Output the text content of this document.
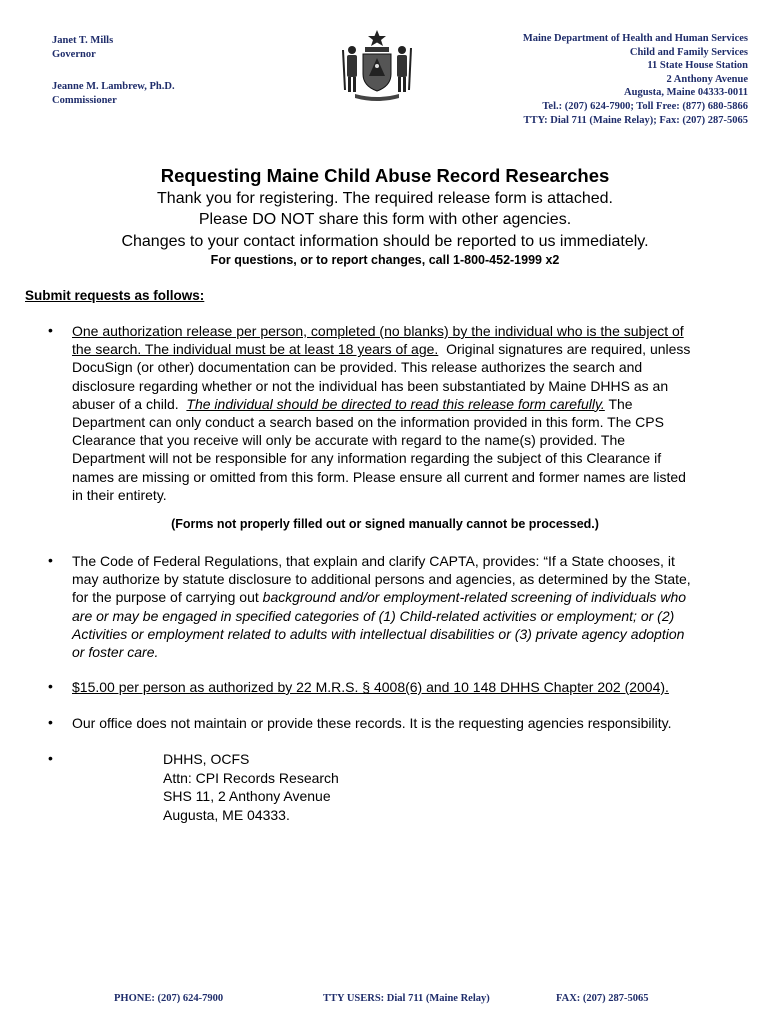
Janet T. Mills
Governor
Jeanne M. Lambrew, Ph.D.
Commissioner
Maine Department of Health and Human Services
Child and Family Services
11 State House Station
2 Anthony Avenue
Augusta, Maine 04333-0011
Tel.: (207) 624-7900; Toll Free: (877) 680-5866
TTY: Dial 711 (Maine Relay); Fax: (207) 287-5065
Requesting Maine Child Abuse Record Researches
Thank you for registering. The required release form is attached.
Please DO NOT share this form with other agencies.
Changes to your contact information should be reported to us immediately.
For questions, or to report changes, call 1-800-452-1999 x2
Submit requests as follows:
• One authorization release per person, completed (no blanks) by the individual who is the subject of
the search. The individual must be at least 18 years of age.  Original signatures are required, unless
DocuSign (or other) documentation can be provided. This release authorizes the search and
disclosure regarding whether or not the individual has been substantiated by Maine DHHS as an
abuser of a child.  The individual should be directed to read this release form carefully. The
Department can only conduct a search based on the information provided in this form. The CPS
Clearance that you receive will only be accurate with regard to the name(s) provided. The
Department will not be responsible for any information regarding the subject of this Clearance if
names are missing or omitted from this form. Please ensure all current and former names are listed
in their entirety.
(Forms not properly filled out or signed manually cannot be processed.)
• The Code of Federal Regulations, that explain and clarify CAPTA, provides: “If a State chooses, it
may authorize by statute disclosure to additional persons and agencies, as determined by the State,
for the purpose of carrying out background and/or employment-related screening of individuals who
are or may be engaged in specified categories of (1) Child-related activities or employment; or (2)
Activities or employment related to adults with intellectual disabilities or (3) private agency adoption
or foster care.
• $15.00 per person as authorized by 22 M.R.S. § 4008(6) and 10 148 DHHS Chapter 202 (2004).
• Our office does not maintain or provide these records. It is the requesting agencies responsibility.
•	DHHS, OCFS
Attn: CPI Records Research
SHS 11, 2 Anthony Avenue
Augusta, ME 04333.
PHONE: (207) 624-7900	TTY USERS: Dial 711 (Maine Relay)	FAX: (207) 287-5065
